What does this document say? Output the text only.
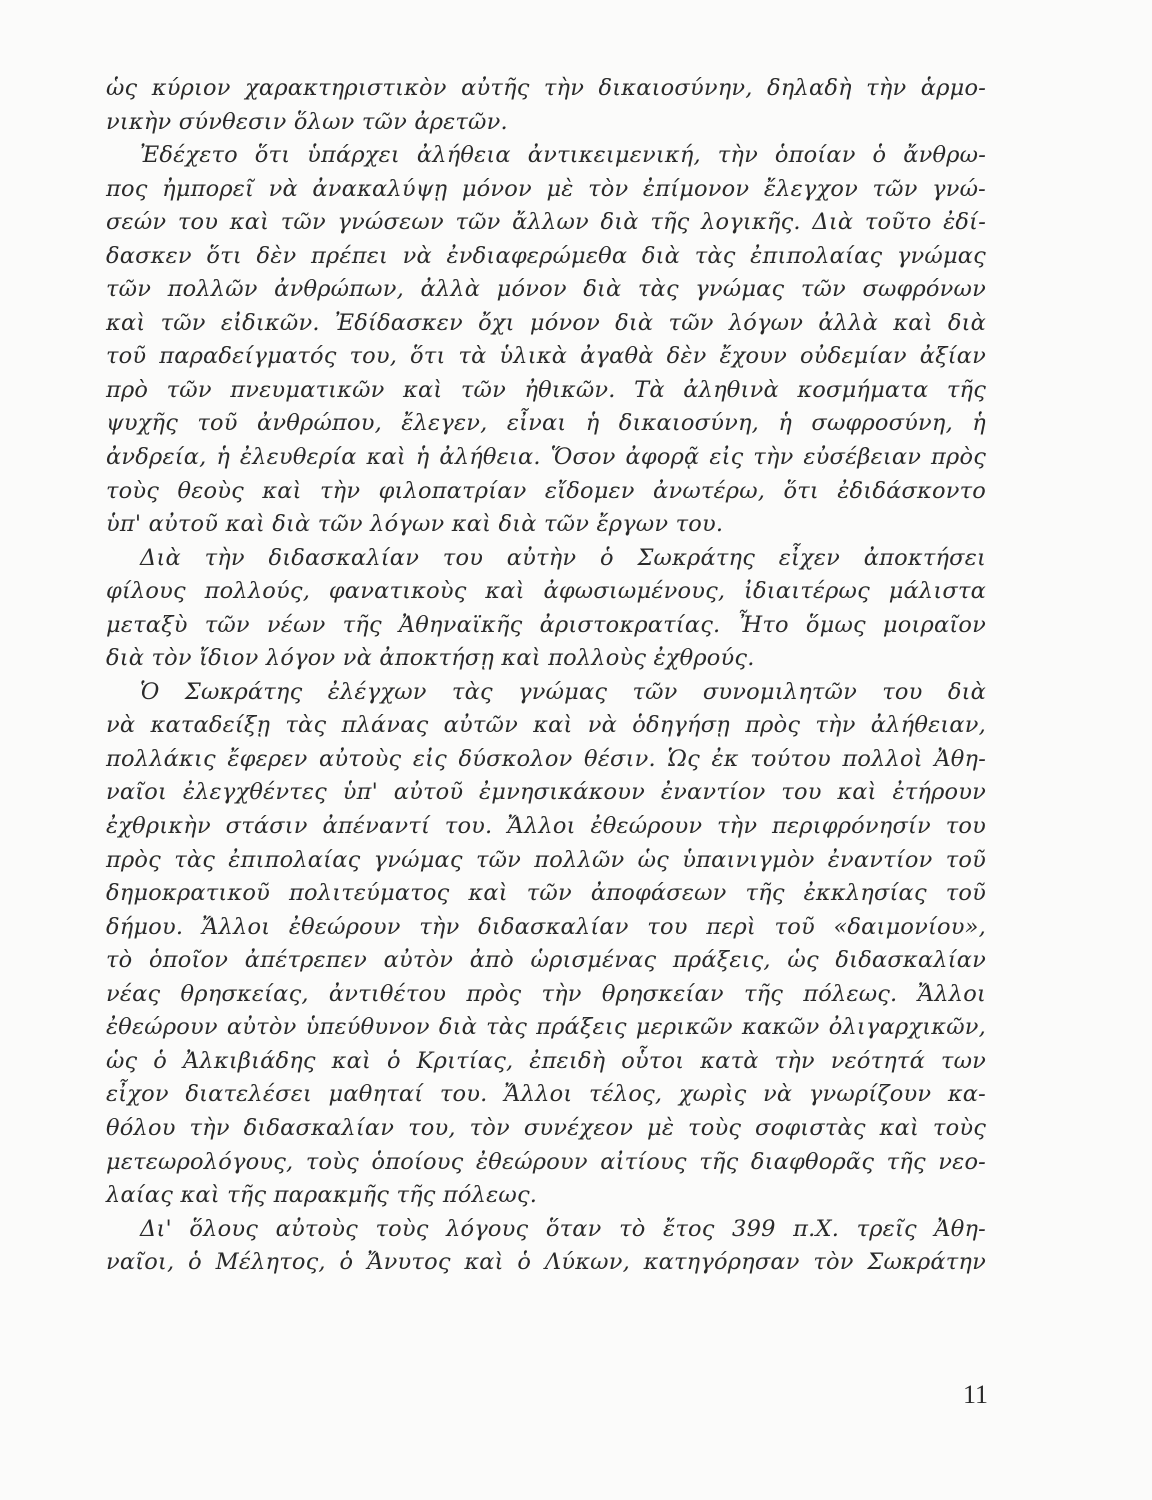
ὡς κύριον χαρακτηριστικὸν αὐτῆς τὴν δικαιοσύνην, δηλαδὴ τὴν ἁρμο-
νικὴν σύνθεσιν ὅλων τῶν ἀρετῶν.
Ἐδέχετο ὅτι ὑπάρχει ἀλήθεια ἀντικειμενική, τὴν ὁποίαν ὁ ἄνθρω-
πος ἠμπορεῖ νὰ ἀνακαλύψῃ μόνον μὲ τὸν ἐπίμονον ἔλεγχον τῶν γνώ-
σεών του καὶ τῶν γνώσεων τῶν ἄλλων διὰ τῆς λογικῆς. Διὰ τοῦτο ἐδί-
δασκεν ὅτι δὲν πρέπει νὰ ἐνδιαφερώμεθα διὰ τὰς ἐπιπολαίας γνώμας
τῶν πολλῶν ἀνθρώπων, ἀλλὰ μόνον διὰ τὰς γνώμας τῶν σωφρόνων
καὶ τῶν εἰδικῶν. Ἐδίδασκεν ὄχι μόνον διὰ τῶν λόγων ἀλλὰ καὶ διὰ
τοῦ παραδείγματός του, ὅτι τὰ ὑλικὰ ἀγαθὰ δὲν ἔχουν οὐδεμίαν ἀξίαν
πρὸ τῶν πνευματικῶν καὶ τῶν ἠθικῶν. Τὰ ἀληθινὰ κοσμήματα τῆς
ψυχῆς τοῦ ἀνθρώπου, ἔλεγεν, εἶναι ἡ δικαιοσύνη, ἡ σωφροσύνη, ἡ
ἀνδρεία, ἡ ἐλευθερία καὶ ἡ ἀλήθεια. Ὅσον ἀφορᾷ εἰς τὴν εὐσέβειαν πρὸς
τοὺς θεοὺς καὶ τὴν φιλοπατρίαν εἴδομεν ἀνωτέρω, ὅτι ἐδιδάσκοντο
ὑπ' αὐτοῦ καὶ διὰ τῶν λόγων καὶ διὰ τῶν ἔργων του.
Διὰ τὴν διδασκαλίαν του αὐτὴν ὁ Σωκράτης εἶχεν ἀποκτήσει
φίλους πολλούς, φανατικοὺς καὶ ἀφωσιωμένους, ἰδιαιτέρως μάλιστα
μεταξὺ τῶν νέων τῆς Ἀθηναϊκῆς ἀριστοκρατίας. Ἦτο ὅμως μοιραῖον
διὰ τὸν ἴδιον λόγον νὰ ἀποκτήσῃ καὶ πολλοὺς ἐχθρούς.
Ὁ Σωκράτης ἐλέγχων τὰς γνώμας τῶν συνομιλητῶν του διὰ
νὰ καταδείξῃ τὰς πλάνας αὐτῶν καὶ νὰ ὁδηγήσῃ πρὸς τὴν ἀλήθειαν,
πολλάκις ἔφερεν αὐτοὺς εἰς δύσκολον θέσιν. Ὡς ἐκ τούτου πολλοὶ Ἀθη-
ναῖοι ἐλεγχθέντες ὑπ' αὐτοῦ ἐμνησικάκουν ἐναντίον του καὶ ἐτήρουν
ἐχθρικὴν στάσιν ἀπέναντί του. Ἄλλοι ἐθεώρουν τὴν περιφρόνησίν του
πρὸς τὰς ἐπιπολαίας γνώμας τῶν πολλῶν ὡς ὑπαινιγμὸν ἐναντίον τοῦ
δημοκρατικοῦ πολιτεύματος καὶ τῶν ἀποφάσεων τῆς ἐκκλησίας τοῦ
δήμου. Ἄλλοι ἐθεώρουν τὴν διδασκαλίαν του περὶ τοῦ «δαιμονίου»,
τὸ ὁποῖον ἀπέτρεπεν αὐτὸν ἀπὸ ὡρισμένας πράξεις, ὡς διδασκαλίαν
νέας θρησκείας, ἀντιθέτου πρὸς τὴν θρησκείαν τῆς πόλεως. Ἄλλοι
ἐθεώρουν αὐτὸν ὑπεύθυνον διὰ τὰς πράξεις μερικῶν κακῶν ὀλιγαρχικῶν,
ὡς ὁ Ἀλκιβιάδης καὶ ὁ Κριτίας, ἐπειδὴ οὗτοι κατὰ τὴν νεότητά των
εἶχον διατελέσει μαθηταί του. Ἄλλοι τέλος, χωρὶς νὰ γνωρίζουν κα-
θόλου τὴν διδασκαλίαν του, τὸν συνέχεον μὲ τοὺς σοφιστὰς καὶ τοὺς
μετεωρολόγους, τοὺς ὁποίους ἐθεώρουν αἰτίους τῆς διαφθορᾶς τῆς νεο-
λαίας καὶ τῆς παρακμῆς τῆς πόλεως.
Δι' ὅλους αὐτοὺς τοὺς λόγους ὅταν τὸ ἔτος 399 π.Χ. τρεῖς Ἀθη-
ναῖοι, ὁ Μέλητος, ὁ Ἄνυτος καὶ ὁ Λύκων, κατηγόρησαν τὸν Σωκράτην
11
